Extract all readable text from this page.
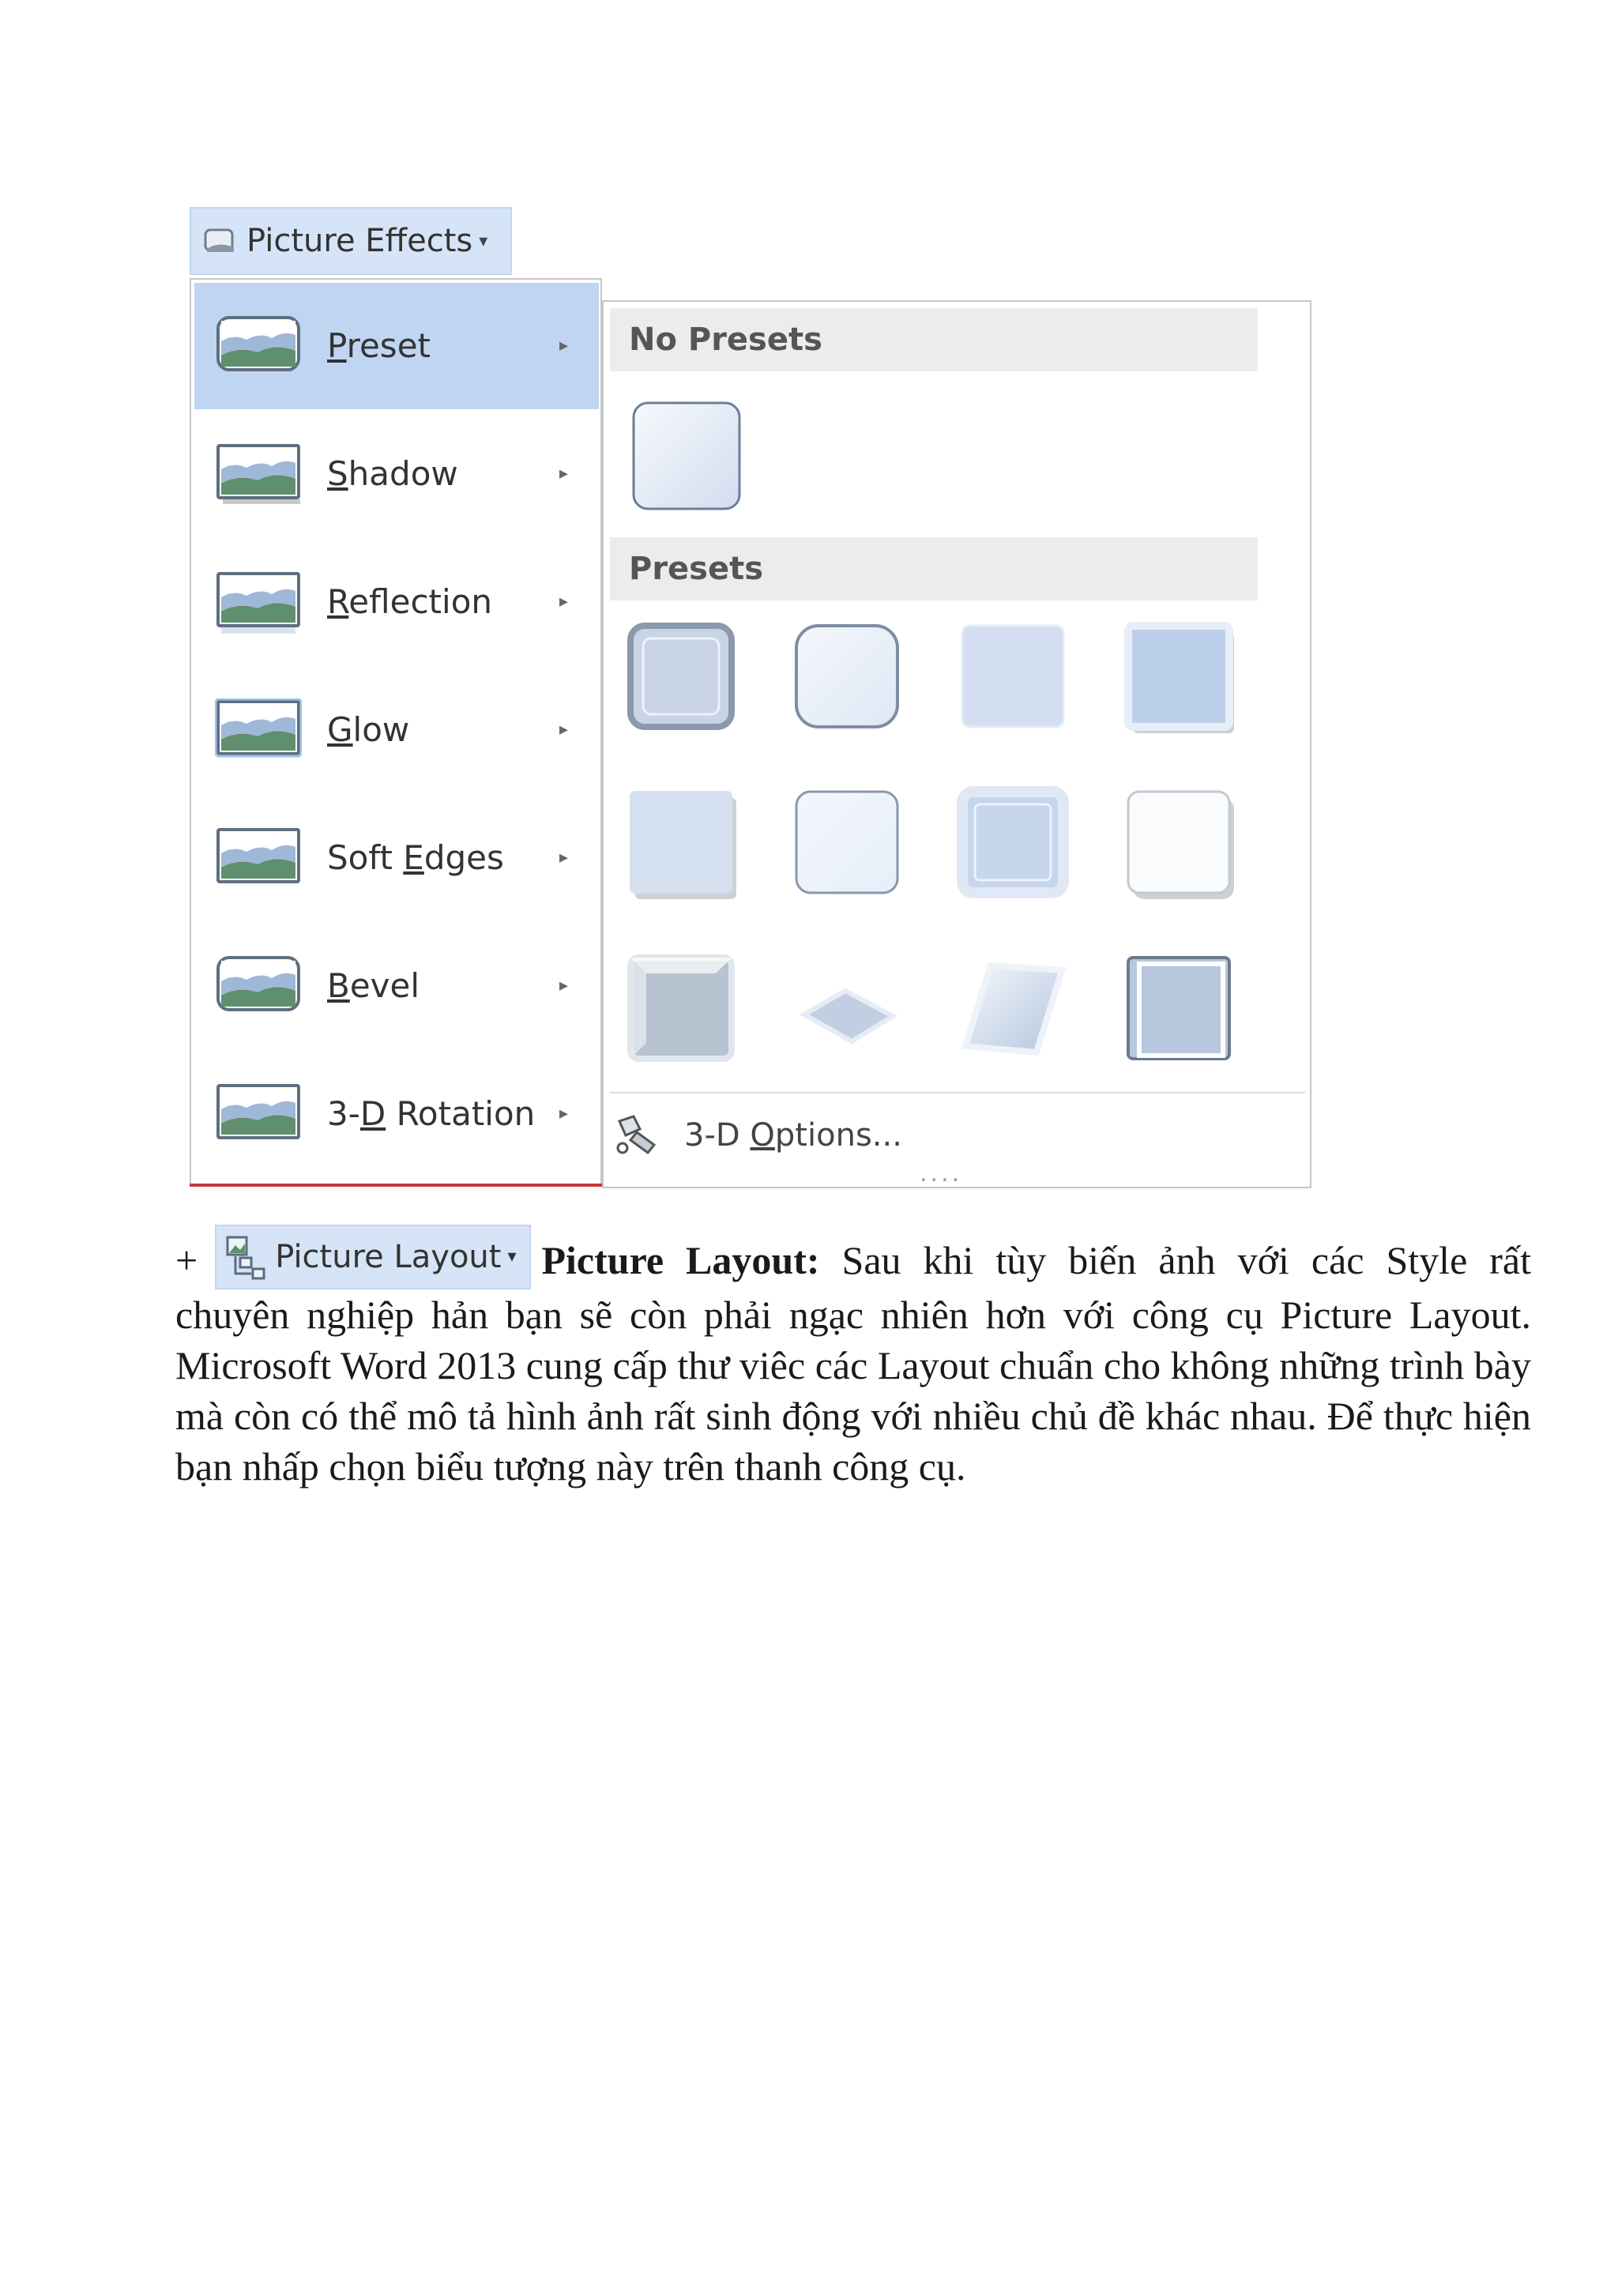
Picture Effects ▾
Preset	▸
Shadow	▸
Refection	▸
Glow	▸
Soft Edges	▸
Bevel	▸
3-D Rotation ▸
No Presets
Presets
3-D Options...
....
+ Picture Layout ▾ Picture Layout: Sau khi tùy biến ảnh với các Style rất chuyên nghiệp hản bạn sẽ còn phải ngạc nhiên hơn với công cụ Picture Layout. Microsoft Word 2013 cung cấp thư viêc các Layout chuẩn cho không những trình bày mà còn có thể mô tả hình ảnh rất sinh động với nhiều chủ đề khác nhau. Để thực hiện bạn nhấp chọn biểu tượng này trên thanh công cụ.
